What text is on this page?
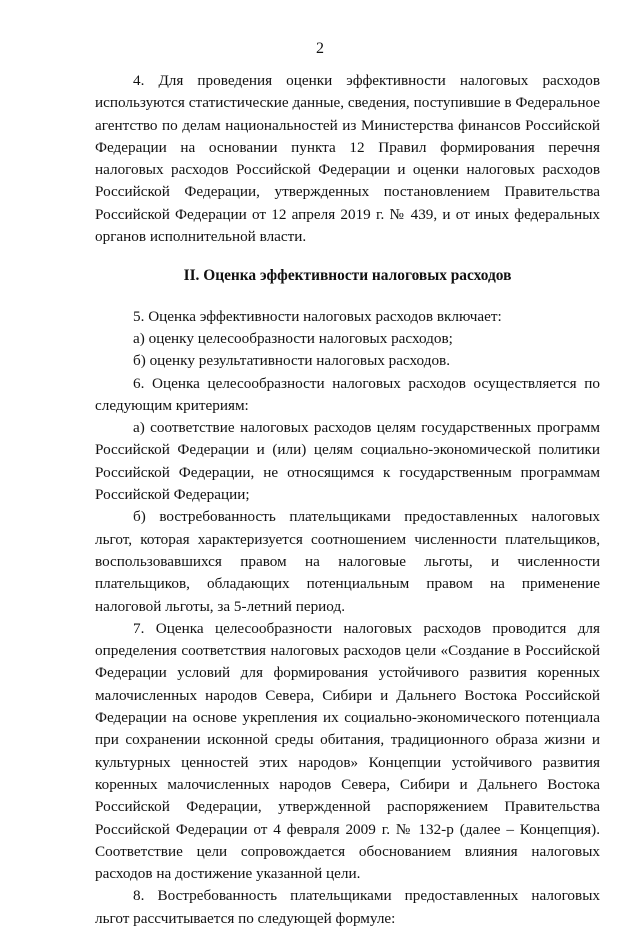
2

4. Для проведения оценки эффективности налоговых расходов используются статистические данные, сведения, поступившие в Федеральное агентство по делам национальностей из Министерства финансов Российской Федерации на основании пункта 12 Правил формирования перечня налоговых расходов Российской Федерации и оценки налоговых расходов Российской Федерации, утвержденных постановлением Правительства Российской Федерации от 12 апреля 2019 г. № 439, и от иных федеральных органов исполнительной власти.

II. Оценка эффективности налоговых расходов

5. Оценка эффективности налоговых расходов включает:

а) оценку целесообразности налоговых расходов;

б) оценку результативности налоговых расходов.

6. Оценка целесообразности налоговых расходов осуществляется по следующим критериям:

а) соответствие налоговых расходов целям государственных программ Российской Федерации и (или) целям социально-экономической политики Российской Федерации, не относящимся к государственным программам Российской Федерации;

б) востребованность плательщиками предоставленных налоговых льгот, которая характеризуется соотношением численности плательщиков, воспользовавшихся правом на налоговые льготы, и численности плательщиков, обладающих потенциальным правом на применение налоговой льготы, за 5-летний период.

7. Оценка целесообразности налоговых расходов проводится для определения соответствия налоговых расходов цели «Создание в Российской Федерации условий для формирования устойчивого развития коренных малочисленных народов Севера, Сибири и Дальнего Востока Российской Федерации на основе укрепления их социально-экономического потенциала при сохранении исконной среды обитания, традиционного образа жизни и культурных ценностей этих народов» Концепции устойчивого развития коренных малочисленных народов Севера, Сибири и Дальнего Востока Российской Федерации, утвержденной распоряжением Правительства Российской Федерации от 4 февраля 2009 г. № 132-р (далее – Концепция). Соответствие цели сопровождается обоснованием влияния налоговых расходов на достижение указанной цели.

8. Востребованность плательщиками предоставленных налоговых льгот рассчитывается по следующей формуле:
